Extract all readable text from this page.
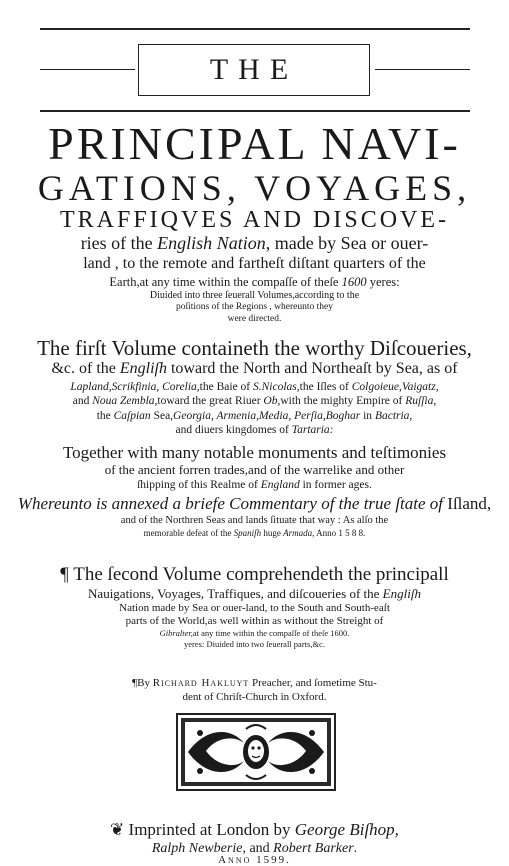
THE
PRINCIPAL NAVI-
GATIONS, VOYAGES,
TRAFFIQVES AND DISCOVE-
ries of the English Nation, made by Sea or ouer-
land , to the remote and fartheſt diſtant quarters of the
Earth,at any time within the compaſſe of theſe 1600 yeres:
Diuided into three ſeuerall Volumes,according to the
poſitions of the Regions , whereunto they
were directed.
The firſt Volume containeth the worthy Diſcoueries,
&c. of the Engliſh toward the North and Northeaſt by Sea, as of
Lapland,Scrikfinia, Corelia,the Baie of S.Nicolas,the Iſles of Colgoieue,Vaigatz,
and Noua Zembla,toward the great Riuer Ob,with the mighty Empire of Ruſſia,
the Caſpian Sea,Georgia, Armenia,Media, Perſia,Boghar in Bactria,
and diuers kingdomes of Tartaria:
Together with many notable monuments and teſtimonies
of the ancient forren trades,and of the warrelike and other
ſhipping of this Realme of England in former ages.
Whereunto is annexed a briefe Commentary of the true ſtate of Iſland,
and of the Northren Seas and lands ſituate that way : As alſo the
memorable defeat of the Spaniſh huge Armada, Anno 1 5 8 8.
¶ The ſecond Volume comprehendeth the principall
Nauigations, Voyages, Traffiques, and diſcoueries of the Engliſh
Nation made by Sea or ouer-land, to the South and South-eaſt
parts of the World,as well within as without the Streight of
Gibralter,at any time within the compaſſe of theſe 1600.
yeres: Diuided into two ſeuerall parts,&c.
¶By Richard Hakluyt Preacher, and ſometime Stu-
dent of Chriſt-Church in Oxford.
❦ Imprinted at London by George Biſhop,
Ralph Newberie, and Robert Barker.
Anno 1599.
